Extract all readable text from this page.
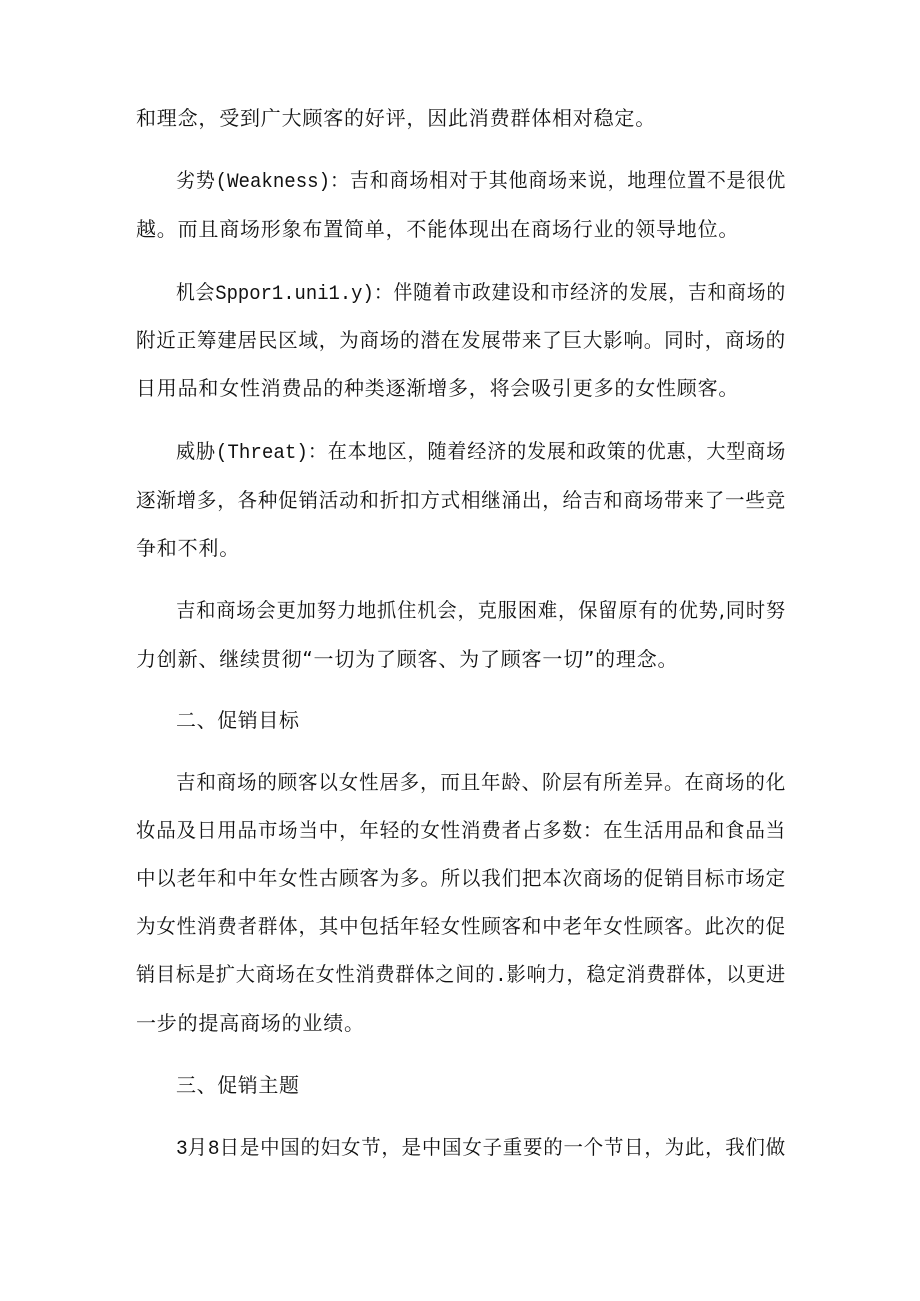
和理念，受到广大顾客的好评，因此消费群体相对稳定。
劣势(Weakness)：吉和商场相对于其他商场来说，地理位置不是很优
越。而且商场形象布置简单，不能体现出在商场行业的领导地位。
机会Sppor1.uni1.y)：伴随着市政建设和市经济的发展，吉和商场的
附近正筹建居民区域，为商场的潜在发展带来了巨大影响。同时，商场的
日用品和女性消费品的种类逐渐增多，将会吸引更多的女性顾客。
威胁(Threat)：在本地区，随着经济的发展和政策的优惠，大型商场
逐渐增多，各种促销活动和折扣方式相继涌出，给吉和商场带来了一些竞
争和不利。
吉和商场会更加努力地抓住机会，克服困难，保留原有的优势,同时努
力创新、继续贯彻“一切为了顾客、为了顾客一切”的理念。
二、促销目标
吉和商场的顾客以女性居多，而且年龄、阶层有所差异。在商场的化
妆品及日用品市场当中，年轻的女性消费者占多数：在生活用品和食品当
中以老年和中年女性古顾客为多。所以我们把本次商场的促销目标市场定
为女性消费者群体，其中包括年轻女性顾客和中老年女性顾客。此次的促
销目标是扩大商场在女性消费群体之间的.影响力，稳定消费群体，以更进
一步的提高商场的业绩。
三、促销主题
3月8日是中国的妇女节，是中国女子重要的一个节日，为此，我们做
